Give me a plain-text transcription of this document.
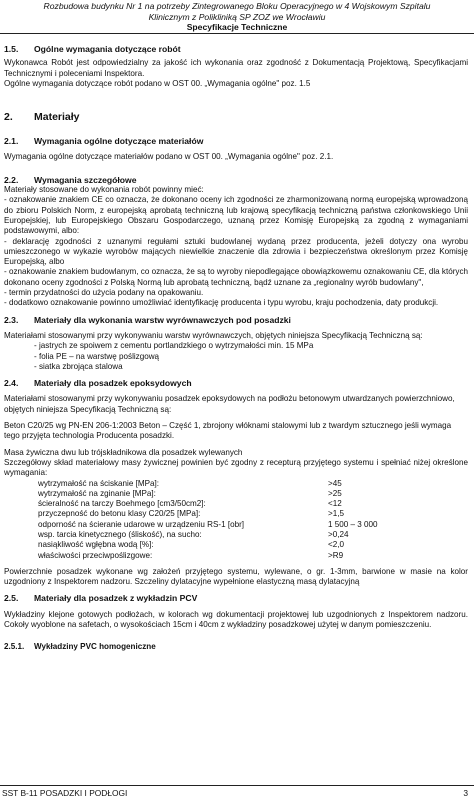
Rozbudowa budynku Nr 1 na potrzeby Zintegrowanego Bloku Operacyjnego w 4 Wojskowym Szpitalu
Klinicznym z Polikliniką SP ZOZ we Wrocławiu
Specyfikacje Techniczne

1.5. Ogólne wymagania dotyczące robót

Wykonawca Robót jest odpowiedzialny za jakość ich wykonania oraz zgodność z Dokumentacją Projektową, Specyfikacjami Technicznymi i poleceniami Inspektora.

Ogólne wymagania dotyczące robót podano w OST 00. „Wymagania ogólne" poz. 1.5

2. Materiały

2.1. Wymagania ogólne dotyczące materiałów

Wymagania ogólne dotyczące materiałów podano w OST 00. „Wymagania ogólne" poz. 2.1.

2.2. Wymagania szczegółowe

Materiały stosowane do wykonania robót powinny mieć:

- oznakowanie znakiem CE co oznacza, że dokonano oceny ich zgodności ze zharmonizowaną normą europejską wprowadzoną do zbioru Polskich Norm, z europejską aprobatą techniczną lub krajową specyfikacją techniczną państwa członkowskiego Unii Europejskiej, lub Europejskiego Obszaru Gospodarczego, uznaną przez Komisję Europejską za zgodną z wymaganiami podstawowymi, albo:

- deklarację zgodności z uznanymi regułami sztuki budowlanej wydaną przez producenta, jeżeli dotyczy ona wyrobu umieszczonego w wykazie wyrobów mających niewielkie znaczenie dla zdrowia i bezpieczeństwa określonym przez Komisję Europejską, albo

- oznakowanie znakiem budowlanym, co oznacza, że są to wyroby niepodlegające obowiązkowemu oznakowaniu CE, dla których dokonano oceny zgodności z Polską Normą lub aprobatą techniczną, bądź uznane za „regionalny wyrób budowlany",

- termin przydatności do użycia podany na opakowaniu.

- dodatkowo oznakowanie powinno umożliwiać identyfikację producenta i typu wyrobu, kraju pochodzenia, daty produkcji.

2.3. Materiały dla wykonania warstw wyrównawczych pod posadzki

Materiałami stosowanymi przy wykonywaniu warstw wyrównawczych, objętych niniejsza Specyfikacją Techniczną są:

- jastrych ze spoiwem z cementu portlandzkiego o wytrzymałości min. 15 MPa

- folia PE – na warstwę poślizgową

- siatka zbrojąca stalowa

2.4. Materiały dla posadzek epoksydowych

Materiałami stosowanymi przy wykonywaniu posadzek epoksydowych na podłożu betonowym utwardzanych powierzchniowo, objętych niniejsza Specyfikacją Techniczną są:

Beton C20/25 wg PN-EN 206-1:2003 Beton – Część 1, zbrojony włóknami stalowymi lub z twardym sztucznego jeśli wymaga tego przyjęta technologia Producenta posadzki.

Masa żywiczna dwu lub trójskładnikowa dla posadzek wylewanych

Szczegółowy skład materiałowy masy żywicznej powinien być zgodny z recepturą przyjętego systemu i spełniać niżej określone wymagania:

wytrzymałość na ściskanie [MPa]:	>45
wytrzymałość na zginanie [MPa]:	>25
ścieralność na tarczy Boehmego [cm3/50cm2]:	<12
przyczepność do betonu klasy C20/25 [MPa]:	>1,5
odporność na ścieranie udarowe w urządzeniu RS-1 [obr]	1 500 – 3 000
wsp. tarcia kinetycznego (śliskość), na sucho:	>0,24
nasiąkliwość wgłębna wodą [%]:	<2,0
właściwości przeciwpoślizgowe:	>R9

Powierzchnie posadzek wykonane wg założeń przyjętego systemu, wylewane, o gr. 1-3mm, barwione w masie na kolor uzgodniony z Inspektorem nadzoru. Szczeliny dylatacyjne wypełnione elastyczną masą dylatacyjną

2.5. Materiały dla posadzek z wykładzin PCV

Wykładziny klejone gotowych podłożach, w kolorach wg dokumentacji projektowej lub uzgodnionych z Inspektorem nadzoru. Cokoły wyoblone na safetach, o wysokościach 15cm i 40cm z wykładziny posadzkowej użytej w danym pomieszczeniu.

2.5.1. Wykładziny PVC homogeniczne

SST B-11 POSADZKI I PODŁOGI	3
